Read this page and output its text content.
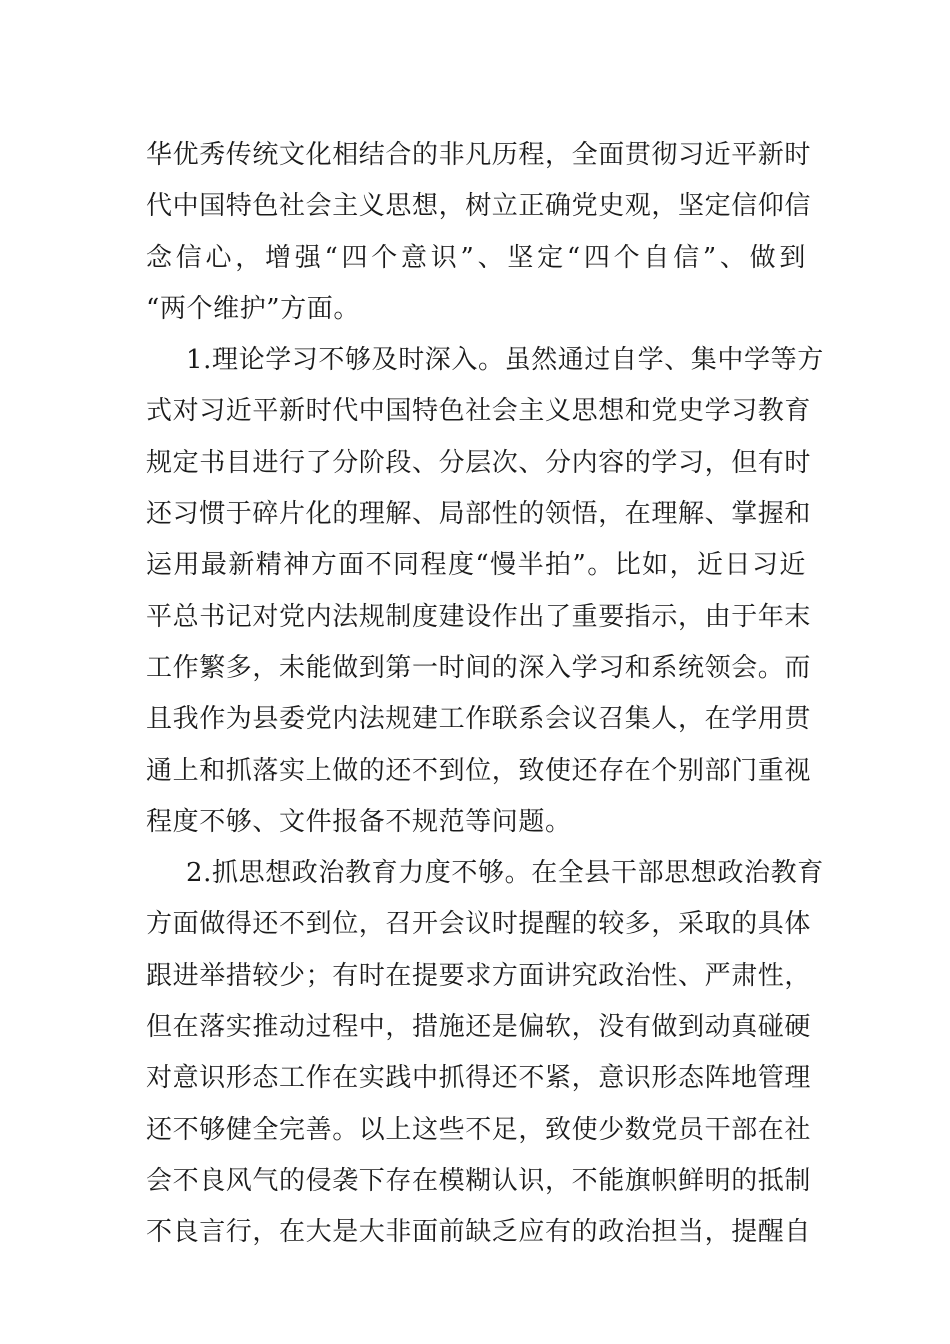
华优秀传统文化相结合的非凡历程，全面贯彻习近平新时
代中国特色社会主义思想，树立正确党史观，坚定信仰信
念信心，增强“四个意识”、坚定“四个自信”、做到
“两个维护”方面。
1.理论学习不够及时深入。虽然通过自学、集中学等方
式对习近平新时代中国特色社会主义思想和党史学习教育
规定书目进行了分阶段、分层次、分内容的学习，但有时
还习惯于碎片化的理解、局部性的领悟，在理解、掌握和
运用最新精神方面不同程度“慢半拍”。比如，近日习近
平总书记对党内法规制度建设作出了重要指示，由于年末
工作繁多，未能做到第一时间的深入学习和系统领会。而
且我作为县委党内法规建工作联系会议召集人，在学用贯
通上和抓落实上做的还不到位，致使还存在个别部门重视
程度不够、文件报备不规范等问题。
2.抓思想政治教育力度不够。在全县干部思想政治教育
方面做得还不到位，召开会议时提醒的较多，采取的具体
跟进举措较少；有时在提要求方面讲究政治性、严肃性，
但在落实推动过程中，措施还是偏软，没有做到动真碰硬
对意识形态工作在实践中抓得还不紧，意识形态阵地管理
还不够健全完善。以上这些不足，致使少数党员干部在社
会不良风气的侵袭下存在模糊认识，不能旗帜鲜明的抵制
不良言行，在大是大非面前缺乏应有的政治担当，提醒自
